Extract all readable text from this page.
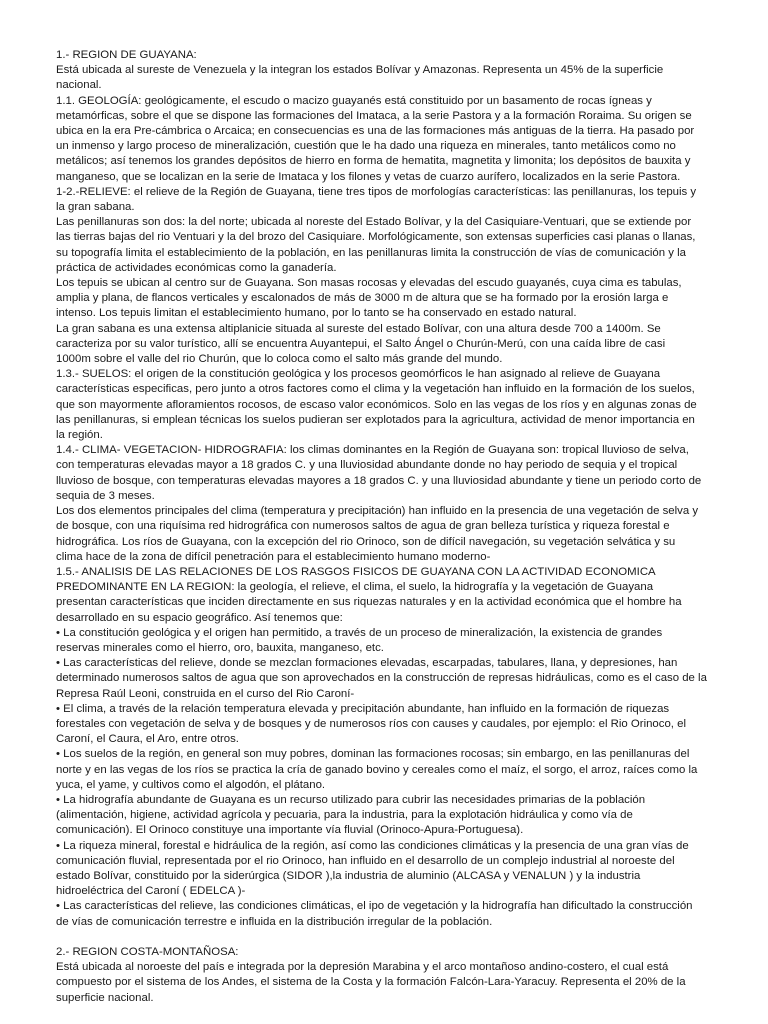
1.- REGION DE GUAYANA:
Está ubicada al sureste de Venezuela y la integran los estados Bolívar y Amazonas. Representa un 45% de la superficie
nacional.
1.1. GEOLOGÍA: geológicamente, el escudo o macizo guayanés está constituido por un basamento de rocas ígneas y
metamórficas, sobre el que se dispone las formaciones del Imataca, a la serie Pastora y a la formación Roraima. Su origen se
ubica en la era Pre-cámbrica o Arcaica; en consecuencias es una de las formaciones más antiguas de la tierra. Ha pasado por
un inmenso y largo proceso de mineralización, cuestión que le ha dado una riqueza en minerales, tanto metálicos como no
metálicos; así tenemos los grandes depósitos de hierro en forma de hematita, magnetita y limonita; los depósitos de bauxita y
manganeso, que se localizan en la serie de Imataca y los filones y vetas de cuarzo aurífero, localizados en la serie Pastora.
1-2.-RELIEVE: el relieve de la Región de Guayana, tiene tres tipos de morfologías características: las penillanuras, los tepuis y
la gran sabana.
Las penillanuras son dos: la del norte; ubicada al noreste del Estado Bolívar, y la del Casiquiare-Ventuari, que se extiende por
las tierras bajas del rio Ventuari y la del brozo del Casiquiare. Morfológicamente, son extensas superficies casi planas o llanas,
su topografía limita el establecimiento de la población, en las penillanuras limita la construcción de vías de comunicación y la
práctica de actividades económicas como la ganadería.
Los tepuis se ubican al centro sur de Guayana. Son masas rocosas y elevadas del escudo guayanés, cuya cima es tabulas,
amplia y plana, de flancos verticales y escalonados de más de 3000 m de altura que se ha formado por la erosión larga e
intenso. Los tepuis limitan el establecimiento humano, por lo tanto se ha conservado en estado natural.
La gran sabana es una extensa altiplanicie situada al sureste del estado Bolívar, con una altura desde 700 a 1400m. Se
caracteriza por su valor turístico, allí se encuentra Auyantepui, el Salto Ángel o Churún-Merú, con una caída libre de casi
1000m sobre el valle del rio Churún, que lo coloca como el salto más grande del mundo.
1.3.- SUELOS: el origen de la constitución geológica y los procesos geomórficos le han asignado al relieve de Guayana
características especificas, pero junto a otros factores como el clima y la vegetación han influido en la formación de los suelos,
que son mayormente afloramientos rocosos, de escaso valor económicos. Solo en las vegas de los ríos y en algunas zonas de
las penillanuras, si emplean técnicas los suelos pudieran ser explotados para la agricultura, actividad de menor importancia en
la región.
1.4.- CLIMA- VEGETACION- HIDROGRAFIA: los climas dominantes en la Región de Guayana son: tropical lluvioso de selva,
con temperaturas elevadas mayor a 18 grados C. y una lluviosidad abundante donde no hay periodo de sequia y el tropical
lluvioso de bosque, con temperaturas elevadas mayores a 18 grados C. y una lluviosidad abundante y tiene un periodo corto de
sequia de 3 meses.
Los dos elementos principales del clima (temperatura y precipitación) han influido en la presencia de una vegetación de selva y
de bosque, con una riquísima red hidrográfica con numerosos saltos de agua de gran belleza turística y riqueza forestal e
hidrográfica. Los ríos de Guayana, con la excepción del rio Orinoco, son de difícil navegación, su vegetación selvática y su
clima hace de la zona de difícil penetración para el establecimiento humano moderno-
1.5.- ANALISIS DE LAS RELACIONES DE LOS RASGOS FISICOS DE GUAYANA CON LA ACTIVIDAD ECONOMICA
PREDOMINANTE EN LA REGION: la geología, el relieve, el clima, el suelo, la hidrografía y la vegetación de Guayana
presentan características que inciden directamente en sus riquezas naturales y en la actividad económica que el hombre ha
desarrollado en su espacio geográfico. Así tenemos que:
• La constitución geológica y el origen han permitido, a través de un proceso de mineralización, la existencia de grandes
reservas minerales como el hierro, oro, bauxita, manganeso, etc.
• Las características del relieve, donde se mezclan formaciones elevadas, escarpadas, tabulares, llana, y depresiones, han
determinado numerosos saltos de agua que son aprovechados en la construcción de represas hidráulicas, como es el caso de la
Represa Raúl Leoni, construida en el curso del Rio Caroní-
• El clima, a través de la relación temperatura elevada y precipitación abundante, han influido en la formación de riquezas
forestales con vegetación de selva y de bosques y de numerosos ríos con causes y caudales, por ejemplo: el Rio Orinoco, el
Caroní, el Caura, el Aro, entre otros.
• Los suelos de la región, en general son muy pobres, dominan las formaciones rocosas; sin embargo, en las penillanuras del
norte y en las vegas de los ríos se practica la cría de ganado bovino y cereales como el maíz, el sorgo, el arroz, raíces como la
yuca, el yame, y cultivos como el algodón, el plátano.
• La hidrografía abundante de Guayana es un recurso utilizado para cubrir las necesidades primarias de la población
(alimentación, higiene, actividad agrícola y pecuaria, para la industria, para la explotación hidráulica y como vía de
comunicación). El Orinoco constituye una importante vía fluvial (Orinoco-Apura-Portuguesa).
• La riqueza mineral, forestal e hidráulica de la región, así como las condiciones climáticas y la presencia de una gran vías de
comunicación fluvial, representada por el rio Orinoco, han influido en el desarrollo de un complejo industrial al noroeste del
estado Bolívar, constituido por la siderúrgica (SIDOR ),la industria de aluminio (ALCASA y VENALUN ) y la industria
hidroeléctrica del Caroní ( EDELCA )-
• Las características del relieve, las condiciones climáticas, el ipo de vegetación y la hidrografía han dificultado la construcción
de vías de comunicación terrestre e influida en la distribución irregular de la población.
2.- REGION COSTA-MONTAÑOSA:
Está ubicada al noroeste del país e integrada por la depresión Marabina y el arco montañoso andino-costero, el cual está
compuesto por el sistema de los Andes, el sistema de la Costa y la formación Falcón-Lara-Yaracuy. Representa el 20% de la
superficie nacional.
